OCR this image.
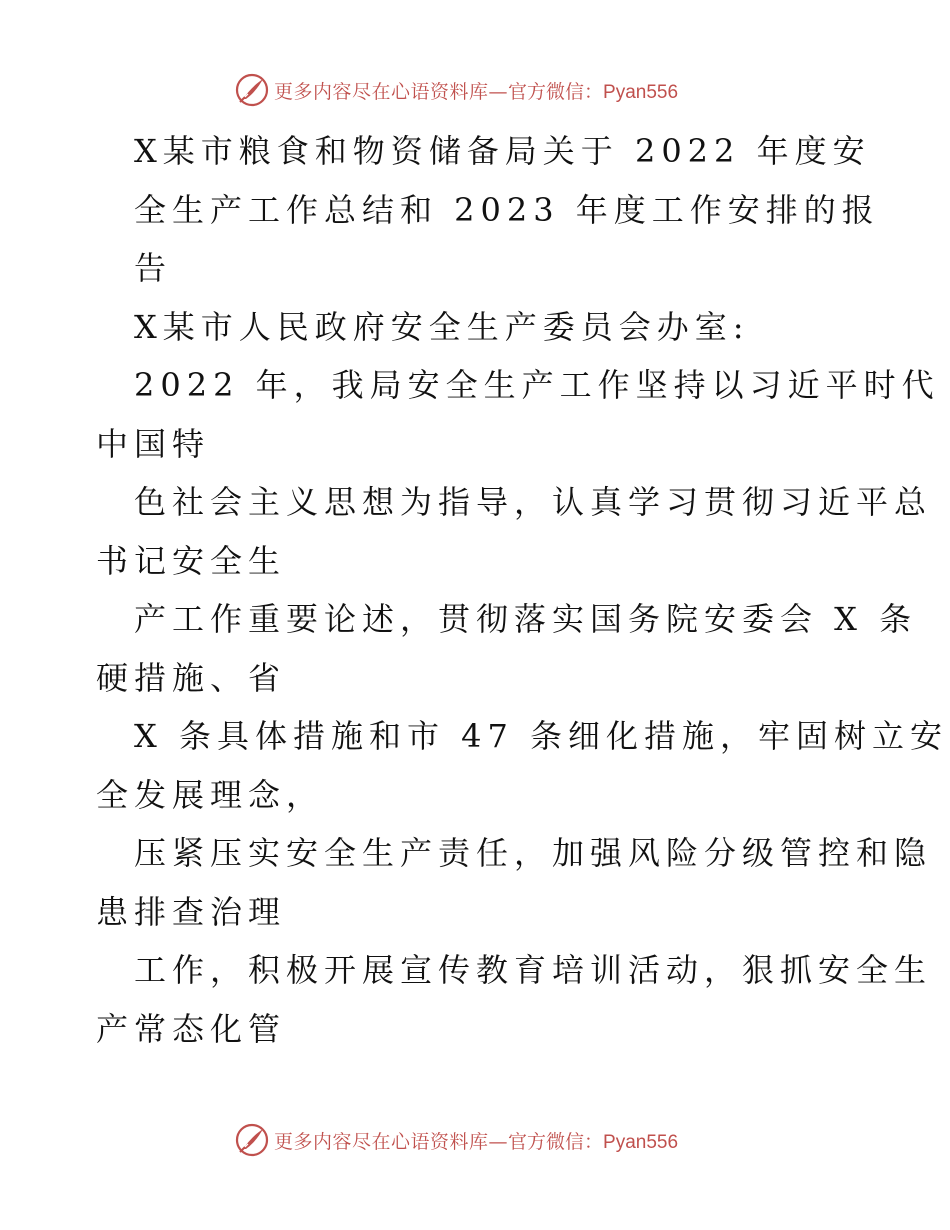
更多内容尽在心语资料库— 官方微信：Pyan556
X某市粮食和物资储备局关于 2022 年度安
全生产工作总结和 2023 年度工作安排的报
告
X某市人民政府安全生产委员会办室:
2022 年，我局安全生产工作坚持以习近平时代
中国特
色社会主义思想为指导，认真学习贯彻习近平总
书记安全生
产工作重要论述，贯彻落实国务院安委会 X 条
硬措施、省
X 条具体措施和市 47 条细化措施，牢固树立安
全发展理念，
压紧压实安全生产责任，加强风险分级管控和隐
患排查治理
工作，积极开展宣传教育培训活动，狠抓安全生
产常态化管
更多内容尽在心语资料库— 官方微信：Pyan556
